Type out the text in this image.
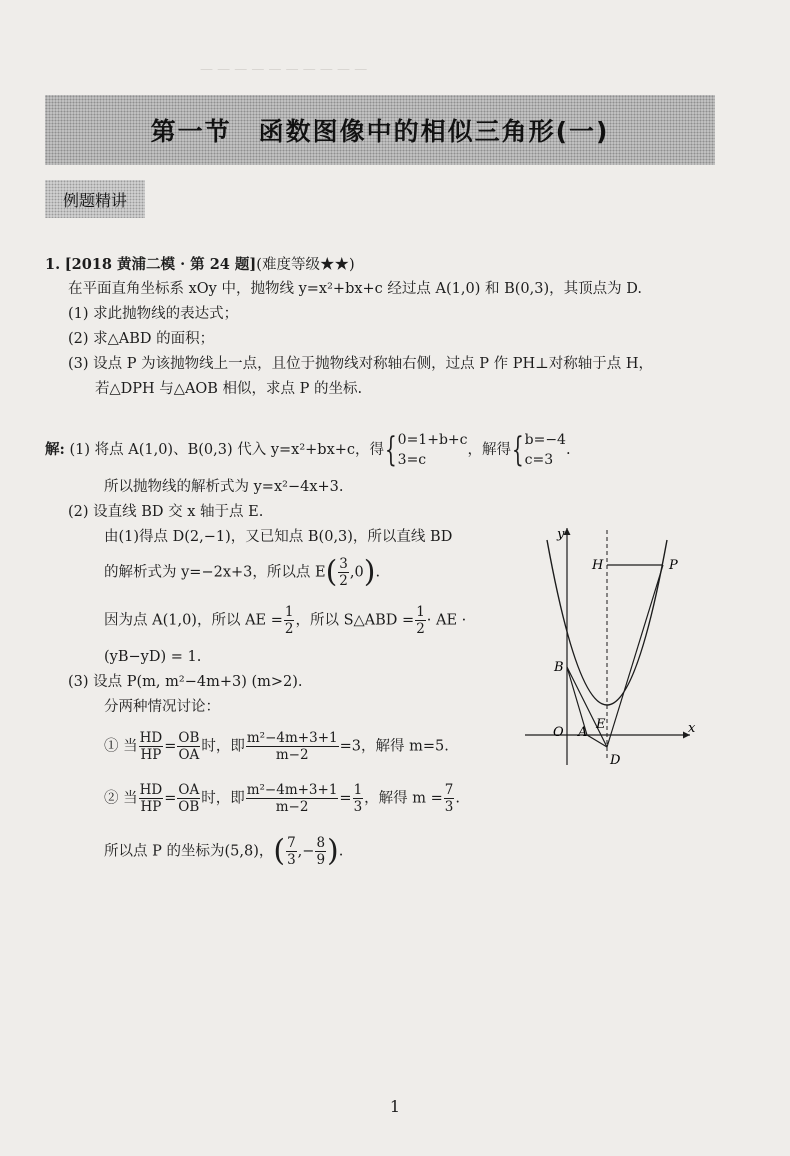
— — — — — — — — — —
第一节　函数图像中的相似三角形(一)
例题精讲
1. [2018 黄浦二模 · 第 24 题](难度等级★★)
在平面直角坐标系 xOy 中，抛物线 y=x²+bx+c 经过点 A(1,0) 和 B(0,3)，其顶点为 D.
(1) 求此抛物线的表达式；
(2) 求△ABD 的面积；
(3) 设点 P 为该抛物线上一点，且位于抛物线对称轴右侧，过点 P 作 PH⊥对称轴于点 H，
若△DPH 与△AOB 相似，求点 P 的坐标.
解: (1) 将点 A(1,0)、B(0,3) 代入 y=x²+bx+c，得{ 0=1+b+c
3=c
，解得{ b=−4
c=3
.
所以抛物线的解析式为 y=x²−4x+3.
(2) 设直线 BD 交 x 轴于点 E.
由(1)得点 D(2,−1)，又已知点 B(0,3)，所以直线 BD
的解析式为 y=−2x+3，所以点 $E( \frac{3}{2} ,0)$.
因为点 A(1,0)，所以 AE = $\frac{1}{2}$ ，所以 S△ABD = $\frac{1}{2}$ · AE ·
(yB−yD) = 1.
(3) 设点 P(m, m²−4m+3) (m>2).
分两种情况讨论：
① 当 $\frac{HD}{HP} = \frac{OB}{OA}$ 时，即 $\frac{\text{m²−4m+3+1}}{m-2} =3$，解得 m=5.
② 当 $\frac{HD}{HP} = \frac{OA}{OB}$ 时，即 $\frac{\text{m²−4m+3+1}}{m-2} = \frac{1}{3}$ ，解得 $m = \frac{7}{3}$ .
所以点 P 的坐标为(5,8)，( $\frac{7}{3}$ ,− $\frac{8}{9}$ ).
y
x
O A
B
E
D
H	P
1
